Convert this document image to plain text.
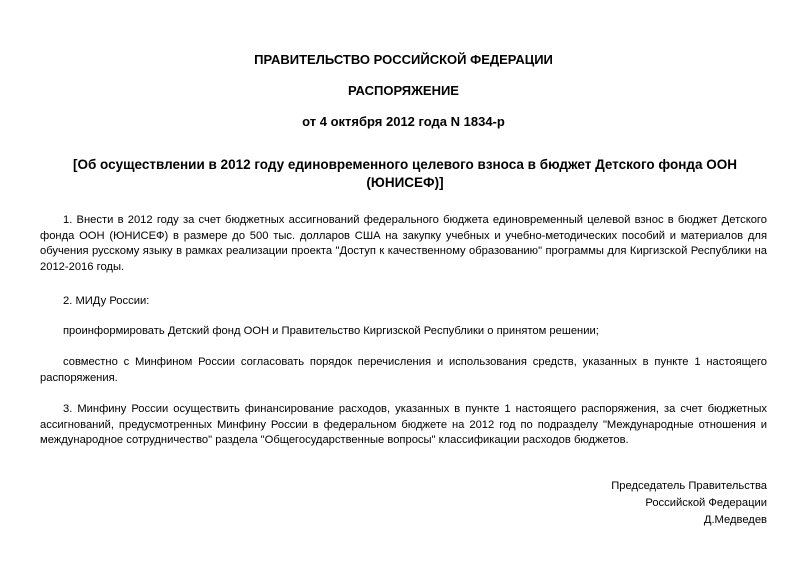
ПРАВИТЕЛЬСТВО РОССИЙСКОЙ ФЕДЕРАЦИИ
РАСПОРЯЖЕНИЕ
от 4 октября 2012 года N 1834-р
[Об осуществлении в 2012 году единовременного целевого взноса в бюджет Детского фонда ООН (ЮНИСЕФ)]
1. Внести в 2012 году за счет бюджетных ассигнований федерального бюджета единовременный целевой взнос в бюджет Детского фонда ООН (ЮНИСЕФ) в размере до 500 тыс. долларов США на закупку учебных и учебно-методических пособий и материалов для обучения русскому языку в рамках реализации проекта "Доступ к качественному образованию" программы для Киргизской Республики на 2012-2016 годы.
2. МИДу России:
проинформировать Детский фонд ООН и Правительство Киргизской Республики о принятом решении;
совместно с Минфином России согласовать порядок перечисления и использования средств, указанных в пункте 1 настоящего распоряжения.
3. Минфину России осуществить финансирование расходов, указанных в пункте 1 настоящего распоряжения, за счет бюджетных ассигнований, предусмотренных Минфину России в федеральном бюджете на 2012 год по подразделу "Международные отношения и международное сотрудничество" раздела "Общегосударственные вопросы" классификации расходов бюджетов.
Председатель Правительства
Российской Федерации
Д.Медведев
